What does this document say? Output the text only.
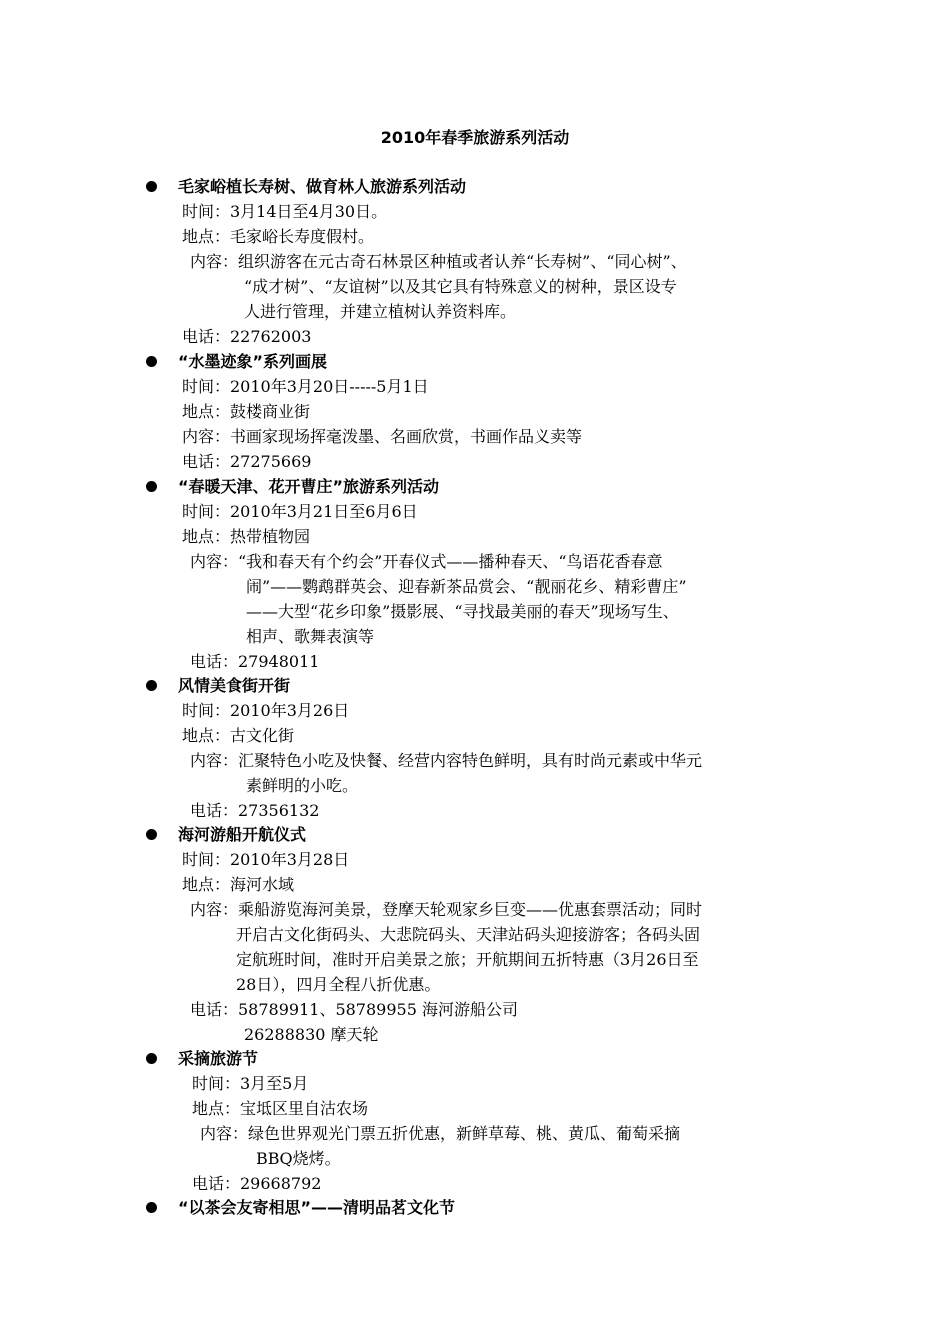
2010年春季旅游系列活动
毛家峪植长寿树、做育林人旅游系列活动
时间：3月14日至4月30日。
地点：毛家峪长寿度假村。
内容：组织游客在元古奇石林景区种植或者认养“长寿树”、“同心树”、
“成才树”、“友谊树”以及其它具有特殊意义的树种，景区设专
人进行管理，并建立植树认养资料库。
电话：22762003
“水墨迹象”系列画展
时间：2010年3月20日-----5月1日
地点：鼓楼商业街
内容：书画家现场挥毫泼墨、名画欣赏，书画作品义卖等
电话：27275669
“春暖天津、花开曹庄”旅游系列活动
时间：2010年3月21日至6月6日
地点：热带植物园
内容：“我和春天有个约会”开春仪式——播种春天、“鸟语花香春意
闹”——鹦鹉群英会、迎春新茶品赏会、“靓丽花乡、精彩曹庄”
——大型“花乡印象”摄影展、“寻找最美丽的春天”现场写生、
相声、歌舞表演等
电话：27948011
风情美食街开街
时间：2010年3月26日
地点：古文化街
内容：汇聚特色小吃及快餐、经营内容特色鲜明，具有时尚元素或中华元
素鲜明的小吃。
电话：27356132
海河游船开航仪式
时间：2010年3月28日
地点：海河水域
内容：乘船游览海河美景，登摩天轮观家乡巨变——优惠套票活动；同时
开启古文化街码头、大悲院码头、天津站码头迎接游客；各码头固
定航班时间，准时开启美景之旅；开航期间五折特惠（3月26日至
28日），四月全程八折优惠。
电话：58789911、58789955 海河游船公司
26288830 摩天轮
采摘旅游节
时间：3月至5月
地点：宝坻区里自沽农场
内容：绿色世界观光门票五折优惠，新鲜草莓、桃、黄瓜、葡萄采摘
BBQ烧烤。
电话：29668792
“以茶会友寄相思”——清明品茗文化节
